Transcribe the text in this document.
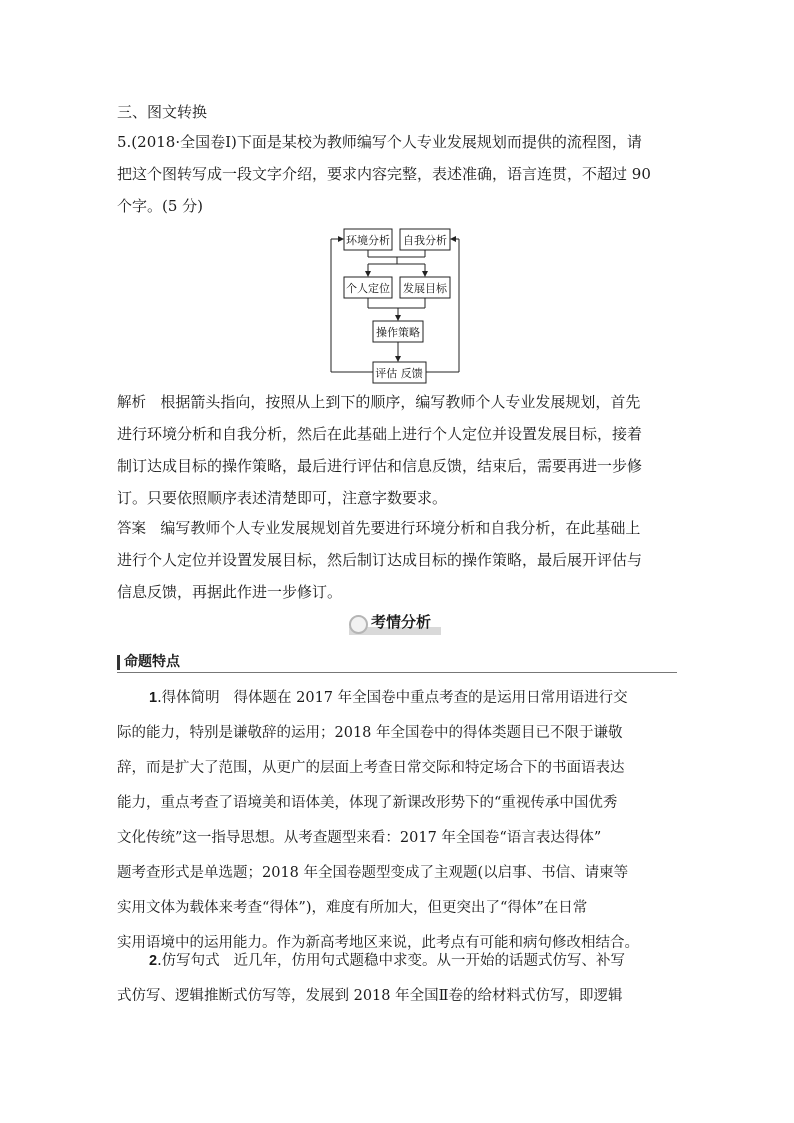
三、图文转换
5.(2018·全国卷Ⅰ)下面是某校为教师编写个人专业发展规划而提供的流程图，请
把这个图转写成一段文字介绍，要求内容完整，表述准确，语言连贯，不超过 90
个字。(5 分)
环境分析 自我分析
个人定位 发展目标
操作策略
评估 反馈
解析 根据箭头指向，按照从上到下的顺序，编写教师个人专业发展规划，首先
进行环境分析和自我分析，然后在此基础上进行个人定位并设置发展目标，接着
制订达成目标的操作策略，最后进行评估和信息反馈，结束后，需要再进一步修
订。只要依照顺序表述清楚即可，注意字数要求。
答案 编写教师个人专业发展规划首先要进行环境分析和自我分析，在此基础上
进行个人定位并设置发展目标，然后制订达成目标的操作策略，最后展开评估与
信息反馈，再据此作进一步修订。
考情分析
命题特点
1.得体简明 得体题在 2017 年全国卷中重点考查的是运用日常用语进行交
际的能力，特别是谦敬辞的运用；2018 年全国卷中的得体类题目已不限于谦敬
辞，而是扩大了范围，从更广的层面上考查日常交际和特定场合下的书面语表达
能力，重点考查了语境美和语体美，体现了新课改形势下的“重视传承中国优秀
文化传统”这一指导思想。从考查题型来看：2017 年全国卷“语言表达得体”
题考查形式是单选题；2018 年全国卷题型变成了主观题(以启事、书信、请柬等
实用文体为载体来考查“得体”)，难度有所加大，但更突出了“得体”在日常
实用语境中的运用能力。作为新高考地区来说，此考点有可能和病句修改相结合。
2.仿写句式 近几年，仿用句式题稳中求变。从一开始的话题式仿写、补写
式仿写、逻辑推断式仿写等，发展到 2018 年全国Ⅱ卷的给材料式仿写，即逻辑
